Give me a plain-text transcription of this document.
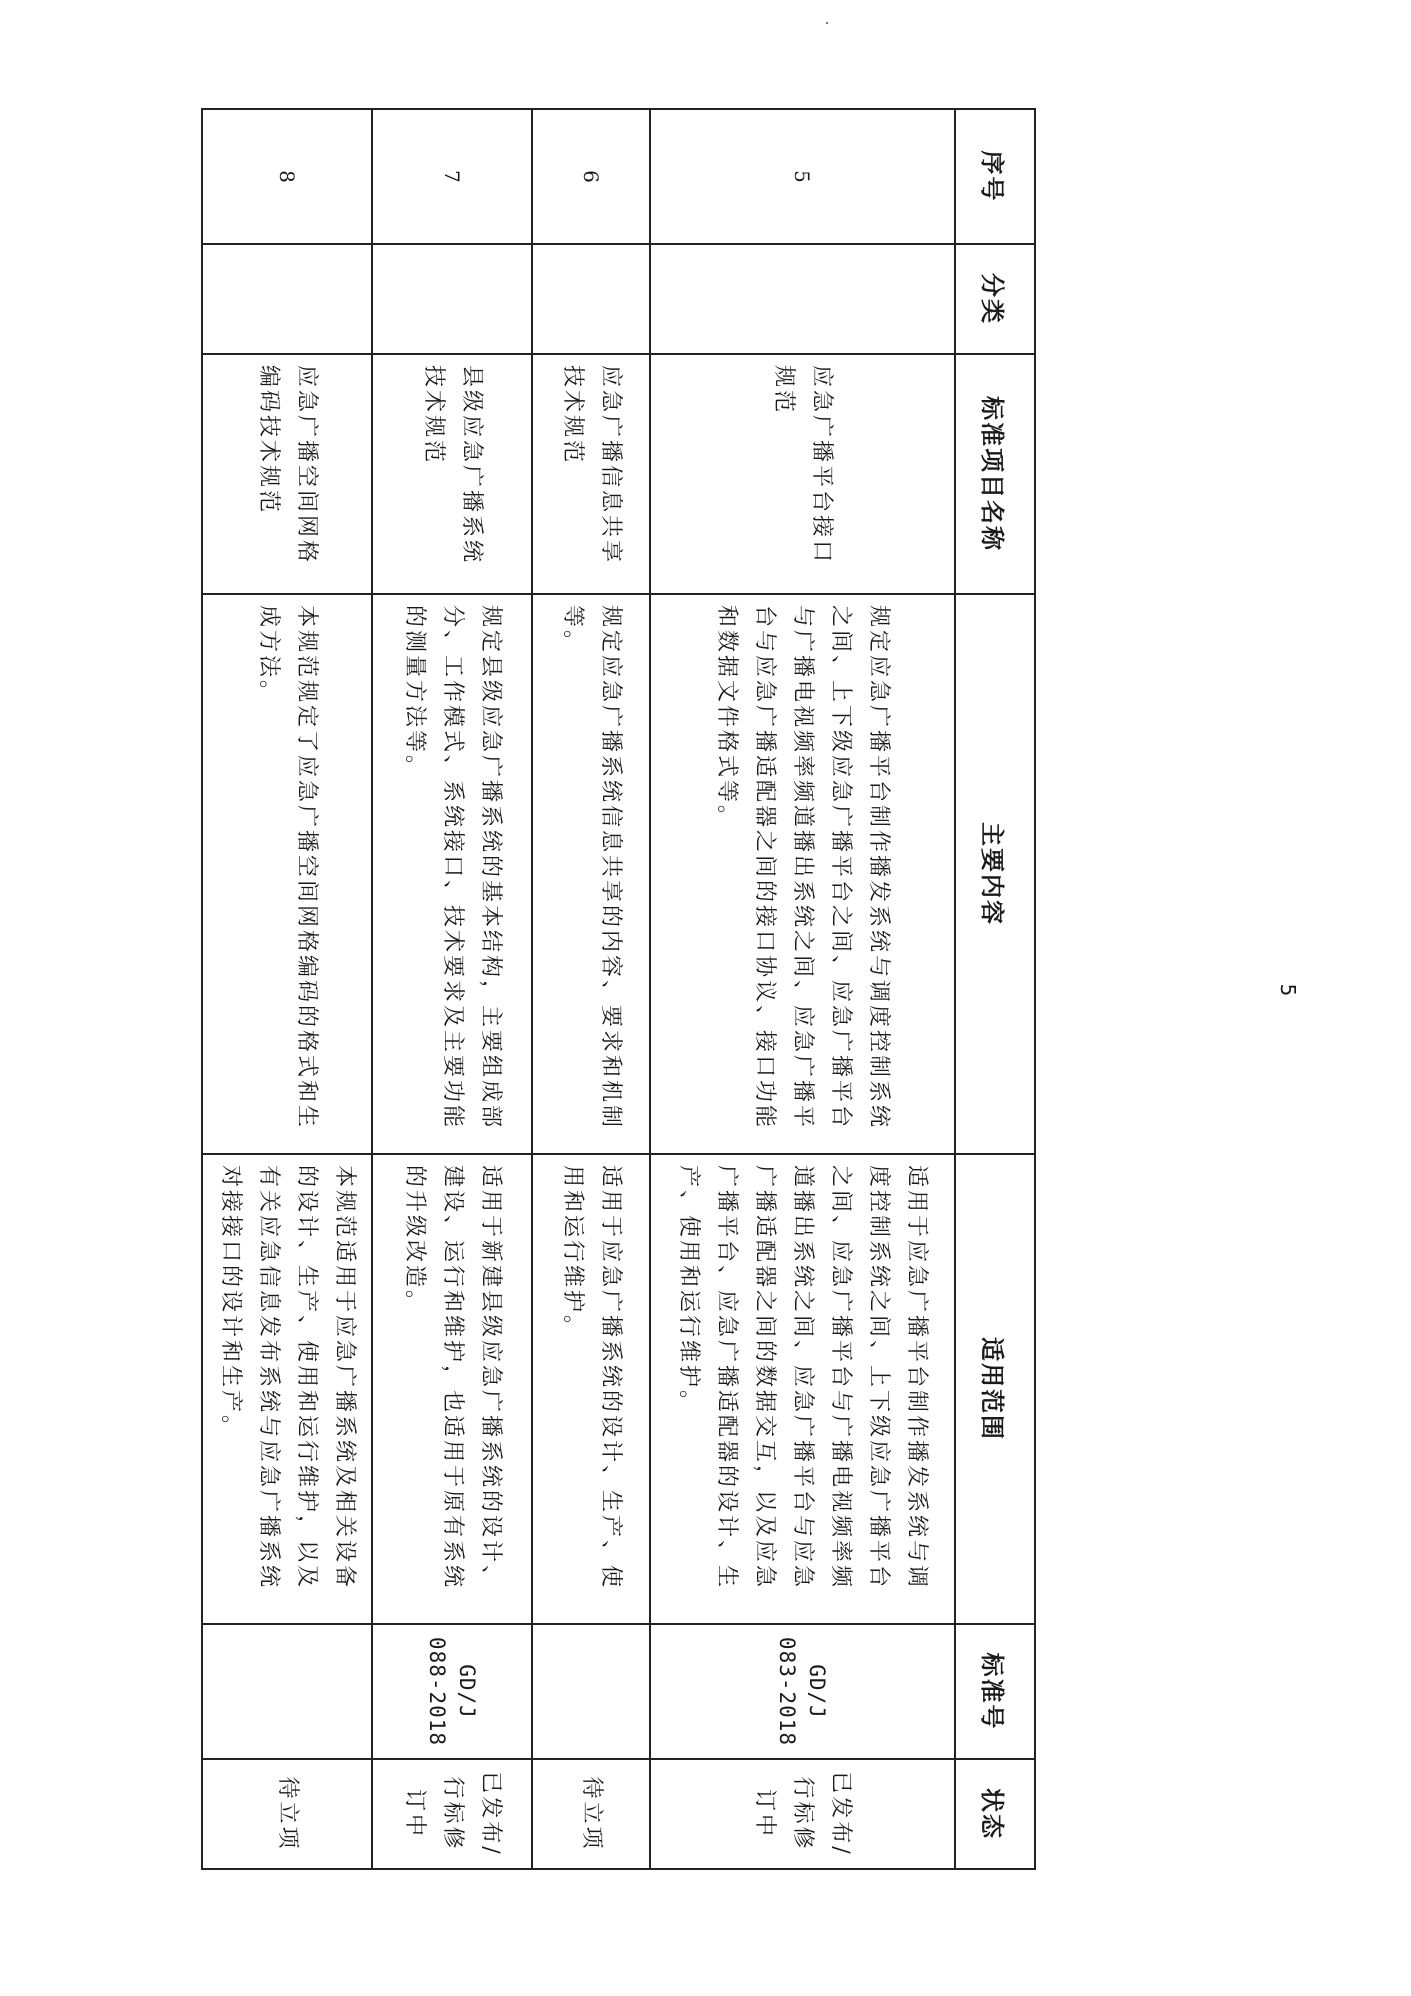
序号	分类	标准项目名称	主要内容	适用范围	标准号	状态
5		应急广播平台接口规范	规定应急广播平台制作播发系统与调度控制系统之间、上下级应急广播平台之间、应急广播平台与广播电视频率频道播出系统之间、应急广播平台与应急广播适配器之间的接口协议、接口功能和数据文件格式等。	适用于应急广播平台制作播发系统与调度控制系统之间、上下级应急广播平台之间、应急广播平台与广播电视频率频道播出系统之间、应急广播平台与应急广播适配器之间的数据交互，以及应急广播平台、应急广播适配器的设计、生产、使用和运行维护。	GD/J 083-2018	已发布/行标修订中
6		应急广播信息共享技术规范	规定应急广播系统信息共享的内容、要求和机制等。	适用于应急广播系统的设计、生产、使用和运行维护。		待立项
7		县级应急广播系统技术规范	规定县级应急广播系统的基本结构，主要组成部分、工作模式、系统接口、技术要求及主要功能的测量方法等。	适用于新建县级应急广播系统的设计、建设、运行和维护，也适用于原有系统的升级改造。	GD/J 088-2018	已发布/行标修订中
8		应急广播空间网格编码技术规范	本规范规定了应急广播空间网格编码的格式和生成方法。	本规范适用于应急广播系统及相关设备的设计、生产、使用和运行维护，以及有关应急信息发布系统与应急广播系统对接接口的设计和生产。		待立项
5
